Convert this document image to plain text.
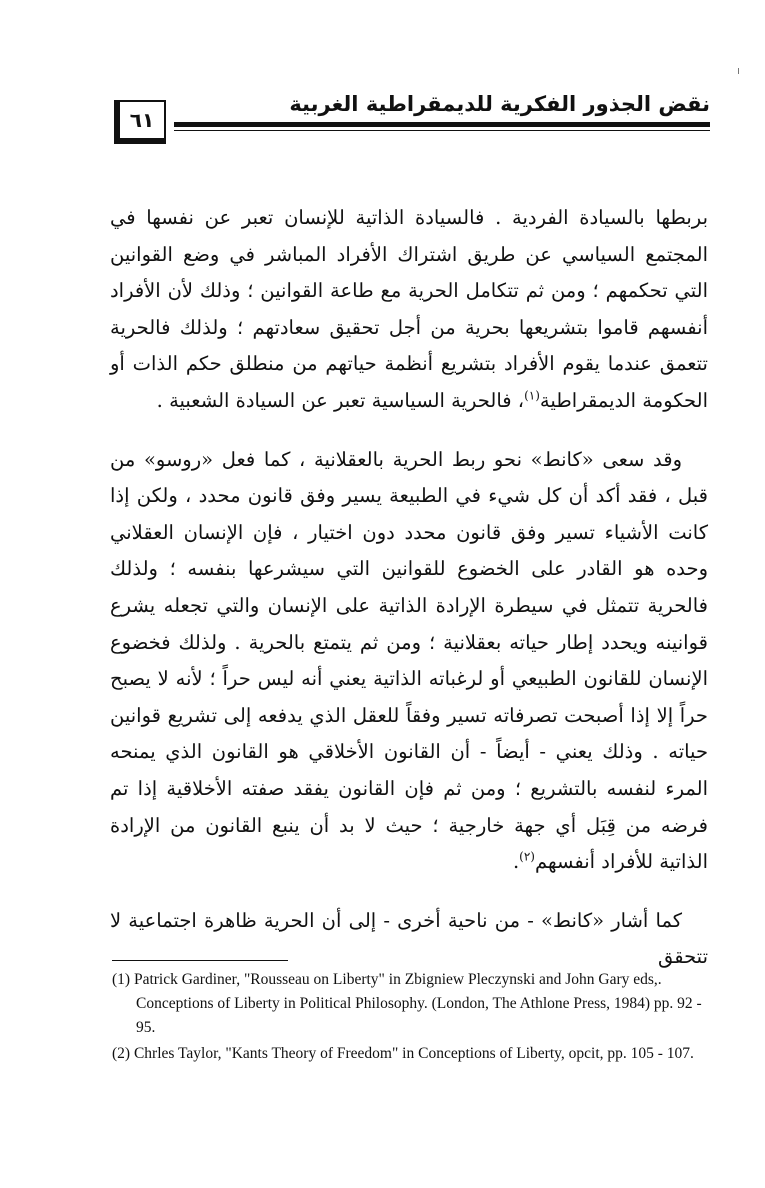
نقض الجذور الفكرية للديمقراطية الغربية
٦١

بربطها بالسيادة الفردية . فالسيادة الذاتية للإنسان تعبر عن نفسها في المجتمع السياسي عن طريق اشتراك الأفراد المباشر في وضع القوانين التي تحكمهم ؛ ومن ثم تتكامل الحرية مع طاعة القوانين ؛ وذلك لأن الأفراد أنفسهم قاموا بتشريعها بحرية من أجل تحقيق سعادتهم ؛ ولذلك فالحرية تتعمق عندما يقوم الأفراد بتشريع أنظمة حياتهم من منطلق حكم الذات أو الحكومة الديمقراطية$^{(١)}$، فالحرية السياسية تعبر عن السيادة الشعبية .

وقد سعى «كانط» نحو ربط الحرية بالعقلانية ، كما فعل «روسو» من قبل ، فقد أكد أن كل شيء في الطبيعة يسير وفق قانون محدد ، ولكن إذا كانت الأشياء تسير وفق قانون محدد دون اختيار ، فإن الإنسان العقلاني وحده هو القادر على الخضوع للقوانين التي سيشرعها بنفسه ؛ ولذلك فالحرية تتمثل في سيطرة الإرادة الذاتية على الإنسان والتي تجعله يشرع قوانينه ويحدد إطار حياته بعقلانية ؛ ومن ثم يتمتع بالحرية . ولذلك فخضوع الإنسان للقانون الطبيعي أو لرغباته الذاتية يعني أنه ليس حراً ؛ لأنه لا يصبح حراً إلا إذا أصبحت تصرفاته تسير وفقاً للعقل الذي يدفعه إلى تشريع قوانين حياته . وذلك يعني - أيضاً - أن القانون الأخلاقي هو القانون الذي يمنحه المرء لنفسه بالتشريع ؛ ومن ثم فإن القانون يفقد صفته الأخلاقية إذا تم فرضه من قِبَل أي جهة خارجية ؛ حيث لا بد أن ينبع القانون من الإرادة الذاتية للأفراد أنفسهم$^{(٢)}$.

كما أشار «كانط» - من ناحية أخرى - إلى أن الحرية ظاهرة اجتماعية لا تتحقق

(1) Patrick Gardiner, "Rousseau on Liberty" in Zbigniew Pleczynski and John Gary eds,. Conceptions of Liberty in Political Philosophy. (London, The Athlone Press, 1984) pp. 92 - 95.
(2) Chrles Taylor, "Kants Theory of Freedom" in Conceptions of Liberty, opcit, pp. 105 - 107.
